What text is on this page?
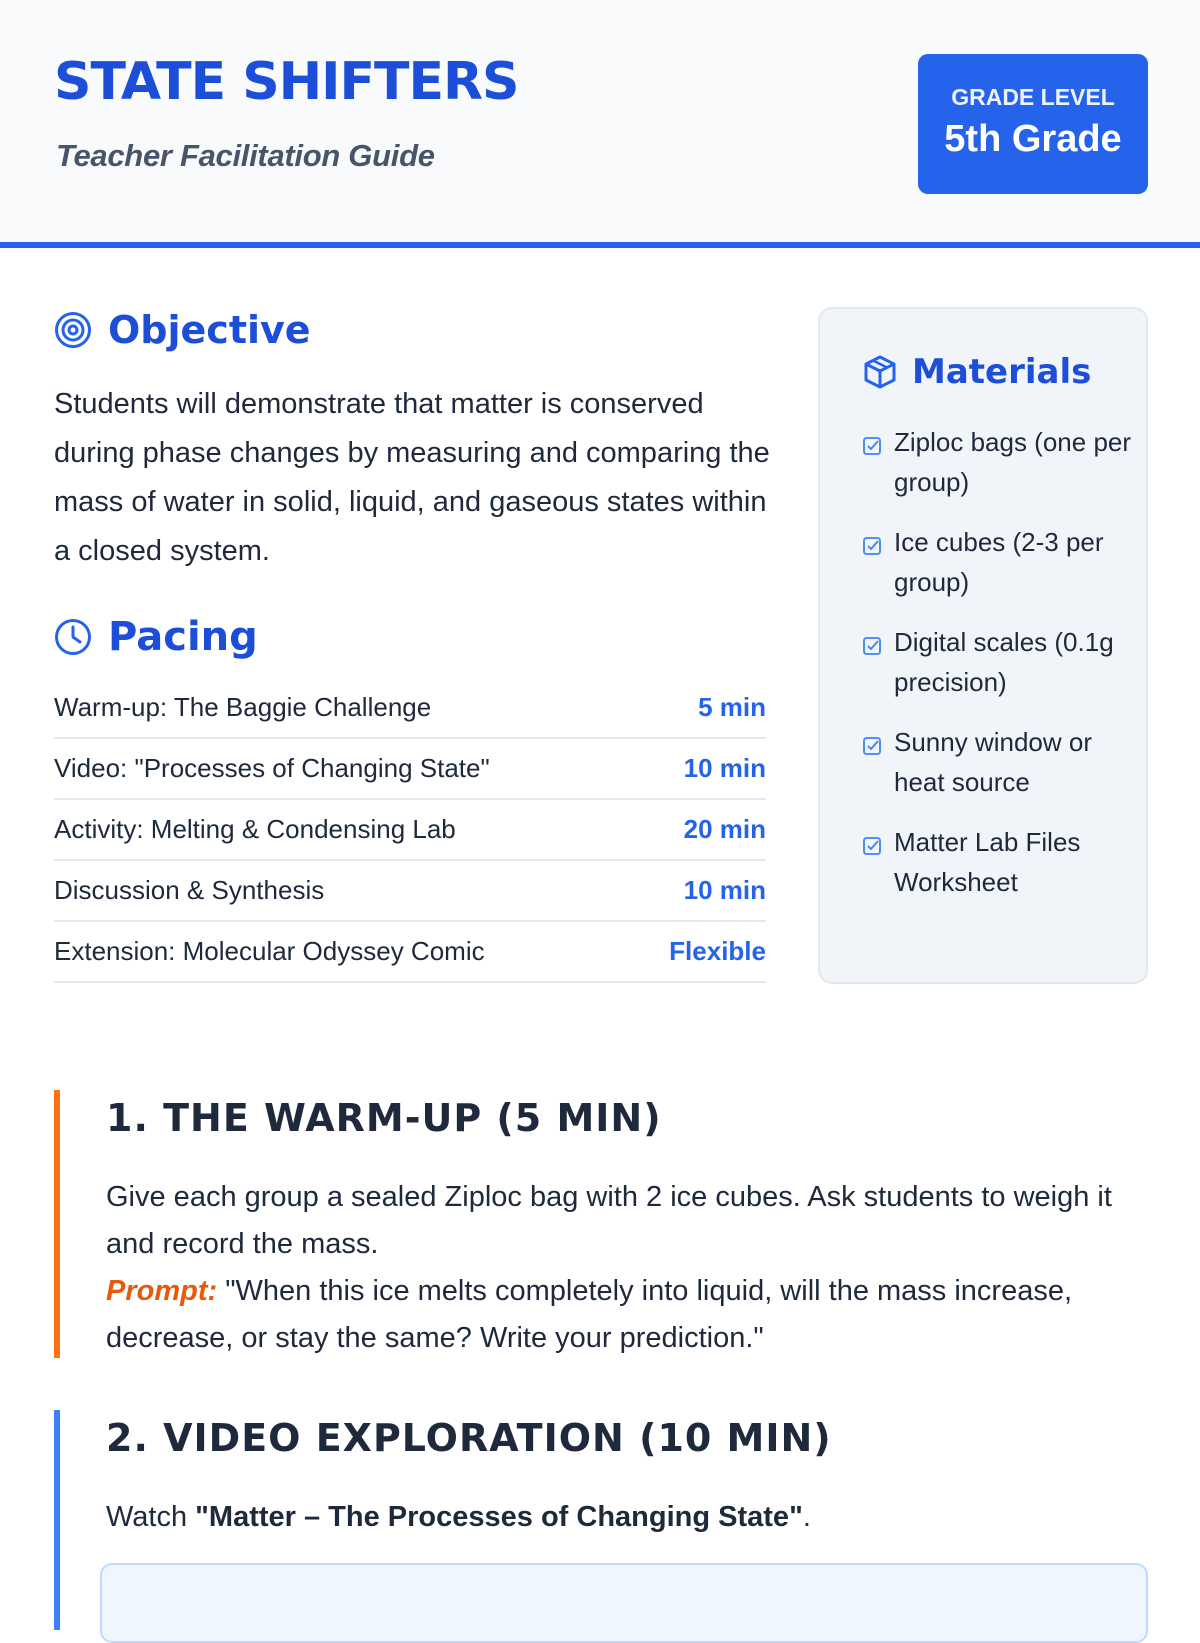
STATE SHIFTERS
Teacher Facilitation Guide
GRADE LEVEL
5th Grade
Objective

Students will demonstrate that matter is conserved during phase changes by measuring and comparing the mass of water in solid, liquid, and gaseous states within a closed system.

Pacing
Warm-up: The Baggie Challenge	5 min
Video: "Processes of Changing State"	10 min
Activity: Melting & Condensing Lab	20 min
Discussion & Synthesis	10 min
Extension: Molecular Odyssey Comic	Flexible
Materials
Ziploc bags (one per group)
Ice cubes (2-3 per group)
Digital scales (0.1g precision)
Sunny window or heat source
Matter Lab Files Worksheet
1. THE WARM-UP (5 MIN)

Give each group a sealed Ziploc bag with 2 ice cubes. Ask students to weigh it and record the mass.

Prompt: "When this ice melts completely into liquid, will the mass increase, decrease, or stay the same? Write your prediction."

2. VIDEO EXPLORATION (10 MIN)

Watch "Matter – The Processes of Changing State".
